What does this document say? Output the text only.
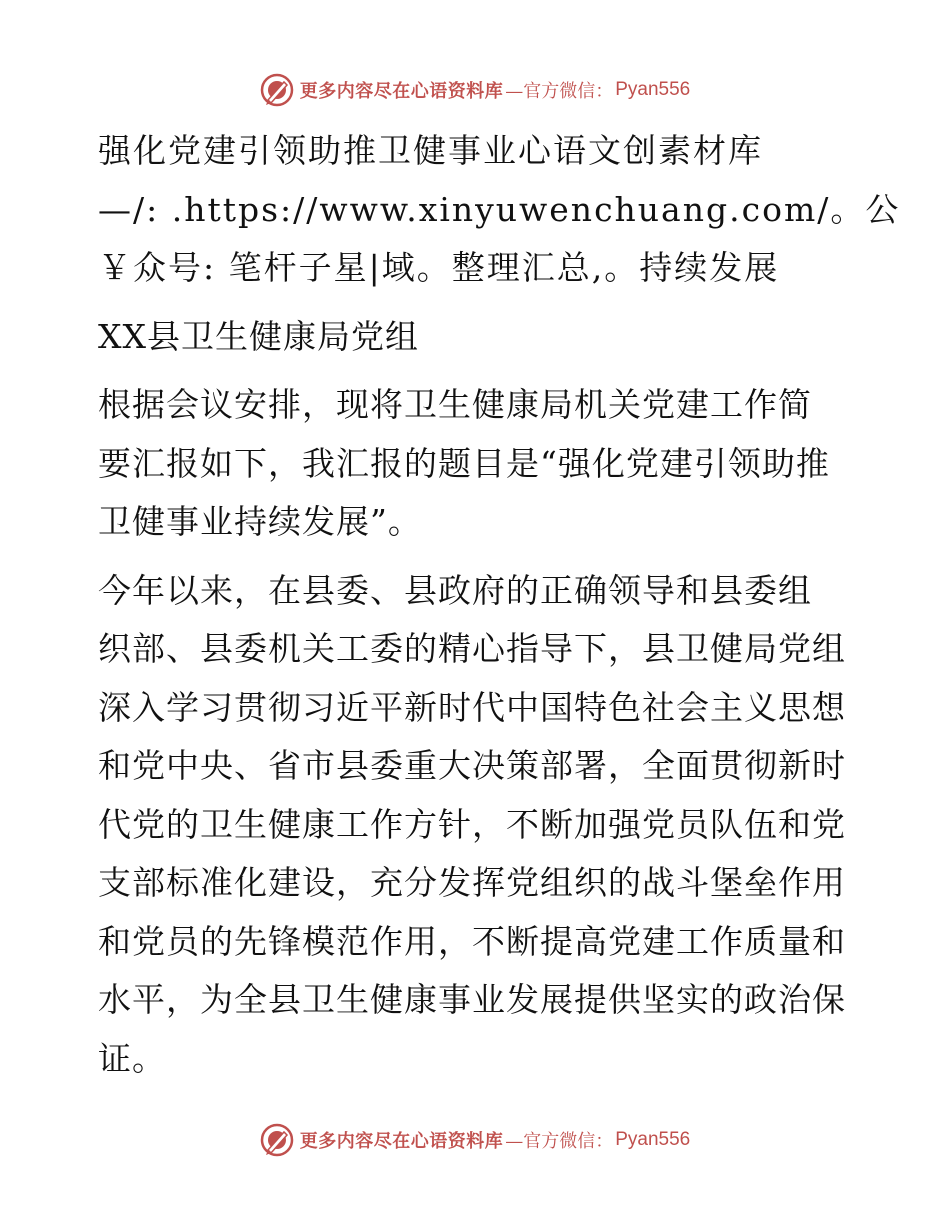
更多内容尽在心语资料库 —官方微信： Pyan556
强化党建引领助推卫健事业心语文创素材库
—/: .https://www.xinyuwenchuang.com/。公
￥众号: 笔杆子星|域。整理汇总,。持续发展
XX县卫生健康局党组
根据会议安排，现将卫生健康局机关党建工作简
要汇报如下，我汇报的题目是“强化党建引领助推
卫健事业持续发展”。
今年以来，在县委、县政府的正确领导和县委组
织部、县委机关工委的精心指导下，县卫健局党组
深入学习贯彻习近平新时代中国特色社会主义思想
和党中央、省市县委重大决策部署，全面贯彻新时
代党的卫生健康工作方针，不断加强党员队伍和党
支部标准化建设，充分发挥党组织的战斗堡垒作用
和党员的先锋模范作用，不断提高党建工作质量和
水平，为全县卫生健康事业发展提供坚实的政治保
证。
更多内容尽在心语资料库 —官方微信： Pyan556
